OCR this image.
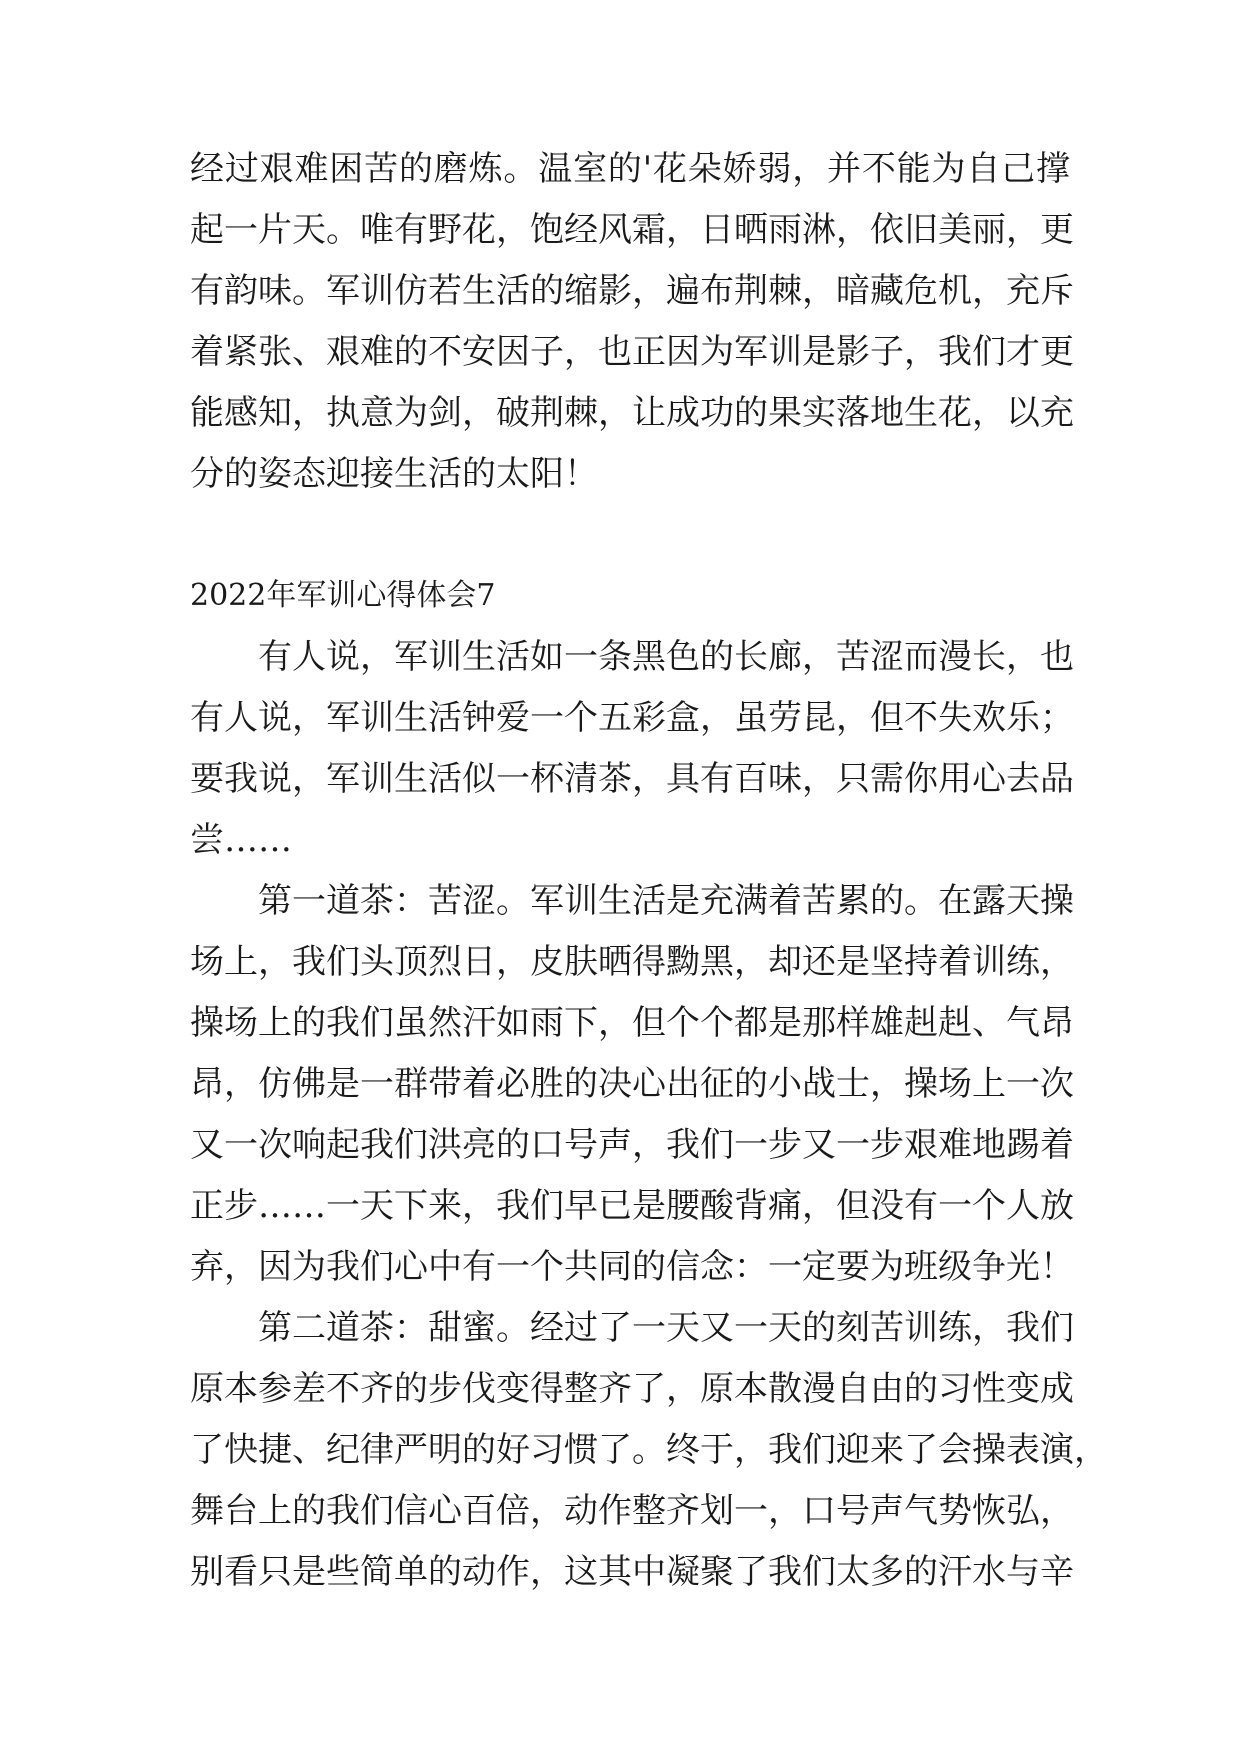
经过艰难困苦的磨炼。温室的'花朵娇弱，并不能为自己撑
起一片天。唯有野花，饱经风霜，日晒雨淋，依旧美丽，更
有韵味。军训仿若生活的缩影，遍布荆棘，暗藏危机，充斥
着紧张、艰难的不安因子，也正因为军训是影子，我们才更
能感知，执意为剑，破荆棘，让成功的果实落地生花，以充
分的姿态迎接生活的太阳！
2022年军训心得体会7
有人说，军训生活如一条黑色的长廊，苦涩而漫长，也
有人说，军训生活钟爱一个五彩盒，虽劳昆，但不失欢乐；
要我说，军训生活似一杯清茶，具有百味，只需你用心去品
尝……
第一道茶：苦涩。军训生活是充满着苦累的。在露天操
场上，我们头顶烈日，皮肤晒得黝黑，却还是坚持着训练，
操场上的我们虽然汗如雨下，但个个都是那样雄赳赳、气昂
昂，仿佛是一群带着必胜的决心出征的小战士，操场上一次
又一次响起我们洪亮的口号声，我们一步又一步艰难地踢着
正步……一天下来，我们早已是腰酸背痛，但没有一个人放
弃，因为我们心中有一个共同的信念：一定要为班级争光！
第二道茶：甜蜜。经过了一天又一天的刻苦训练，我们
原本参差不齐的步伐变得整齐了，原本散漫自由的习性变成
了快捷、纪律严明的好习惯了。终于，我们迎来了会操表演，
舞台上的我们信心百倍，动作整齐划一，口号声气势恢弘，
别看只是些简单的动作，这其中凝聚了我们太多的汗水与辛
